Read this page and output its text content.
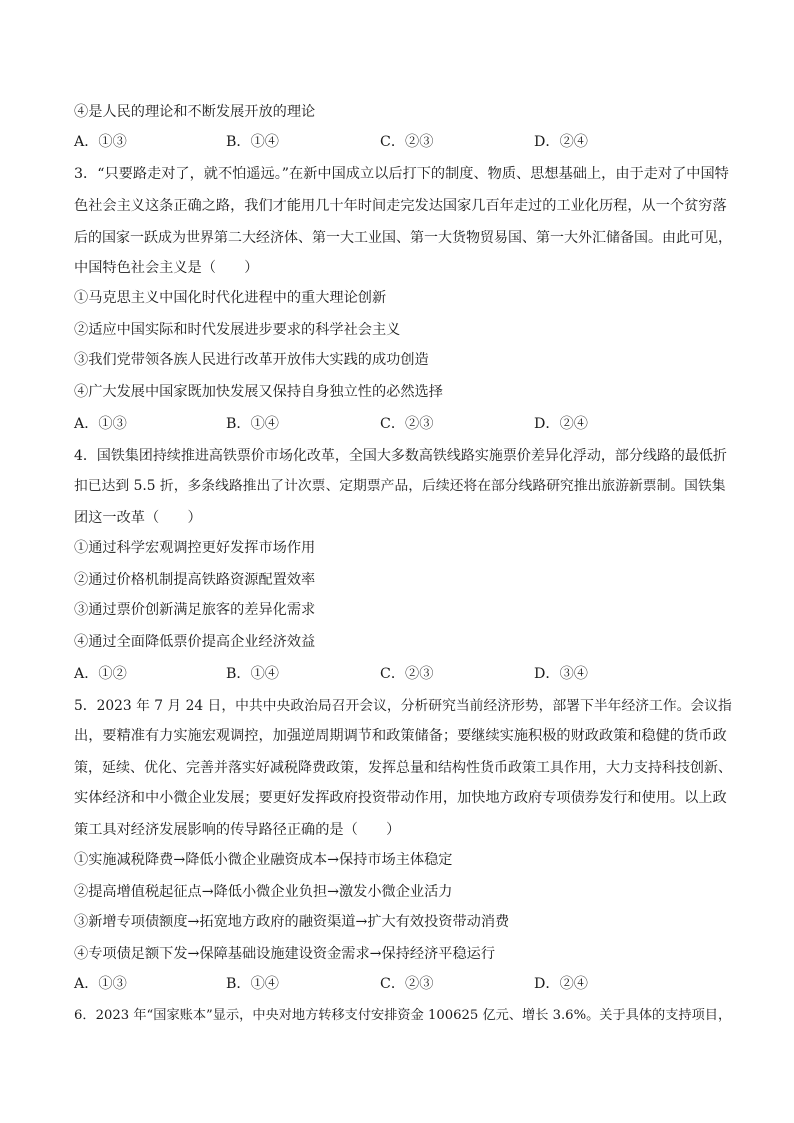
④是人民的理论和不断发展开放的理论
A．①③	B．①④	C．②③	D．②④
3．“只要路走对了，就不怕遥远。”在新中国成立以后打下的制度、物质、思想基础上，由于走对了中国特
色社会主义这条正确之路，我们才能用几十年时间走完发达国家几百年走过的工业化历程，从一个贫穷落
后的国家一跃成为世界第二大经济体、第一大工业国、第一大货物贸易国、第一大外汇储备国。由此可见，
中国特色社会主义是（　　）
①马克思主义中国化时代化进程中的重大理论创新
②适应中国实际和时代发展进步要求的科学社会主义
③我们党带领各族人民进行改革开放伟大实践的成功创造
④广大发展中国家既加快发展又保持自身独立性的必然选择
A．①③	B．①④	C．②③	D．②④
4．国铁集团持续推进高铁票价市场化改革，全国大多数高铁线路实施票价差异化浮动，部分线路的最低折
扣已达到 5.5 折，多条线路推出了计次票、定期票产品，后续还将在部分线路研究推出旅游新票制。国铁集
团这一改革（　　）
①通过科学宏观调控更好发挥市场作用
②通过价格机制提高铁路资源配置效率
③通过票价创新满足旅客的差异化需求
④通过全面降低票价提高企业经济效益
A．①②	B．①④	C．②③	D．③④
5．2023 年 7 月 24 日，中共中央政治局召开会议，分析研究当前经济形势，部署下半年经济工作。会议指
出，要精准有力实施宏观调控，加强逆周期调节和政策储备；要继续实施积极的财政政策和稳健的货币政
策，延续、优化、完善并落实好减税降费政策，发挥总量和结构性货币政策工具作用，大力支持科技创新、
实体经济和中小微企业发展；要更好发挥政府投资带动作用，加快地方政府专项债券发行和使用。以上政
策工具对经济发展影响的传导路径正确的是（　　）
①实施减税降费→降低小微企业融资成本→保持市场主体稳定
②提高增值税起征点→降低小微企业负担→激发小微企业活力
③新增专项债额度→拓宽地方政府的融资渠道→扩大有效投资带动消费
④专项债足额下发→保障基础设施建设资金需求→保持经济平稳运行
A．①③	B．①④	C．②③	D．②④
6．2023 年“国家账本”显示，中央对地方转移支付安排资金 100625 亿元、增长 3.6%。关于具体的支持项目，
